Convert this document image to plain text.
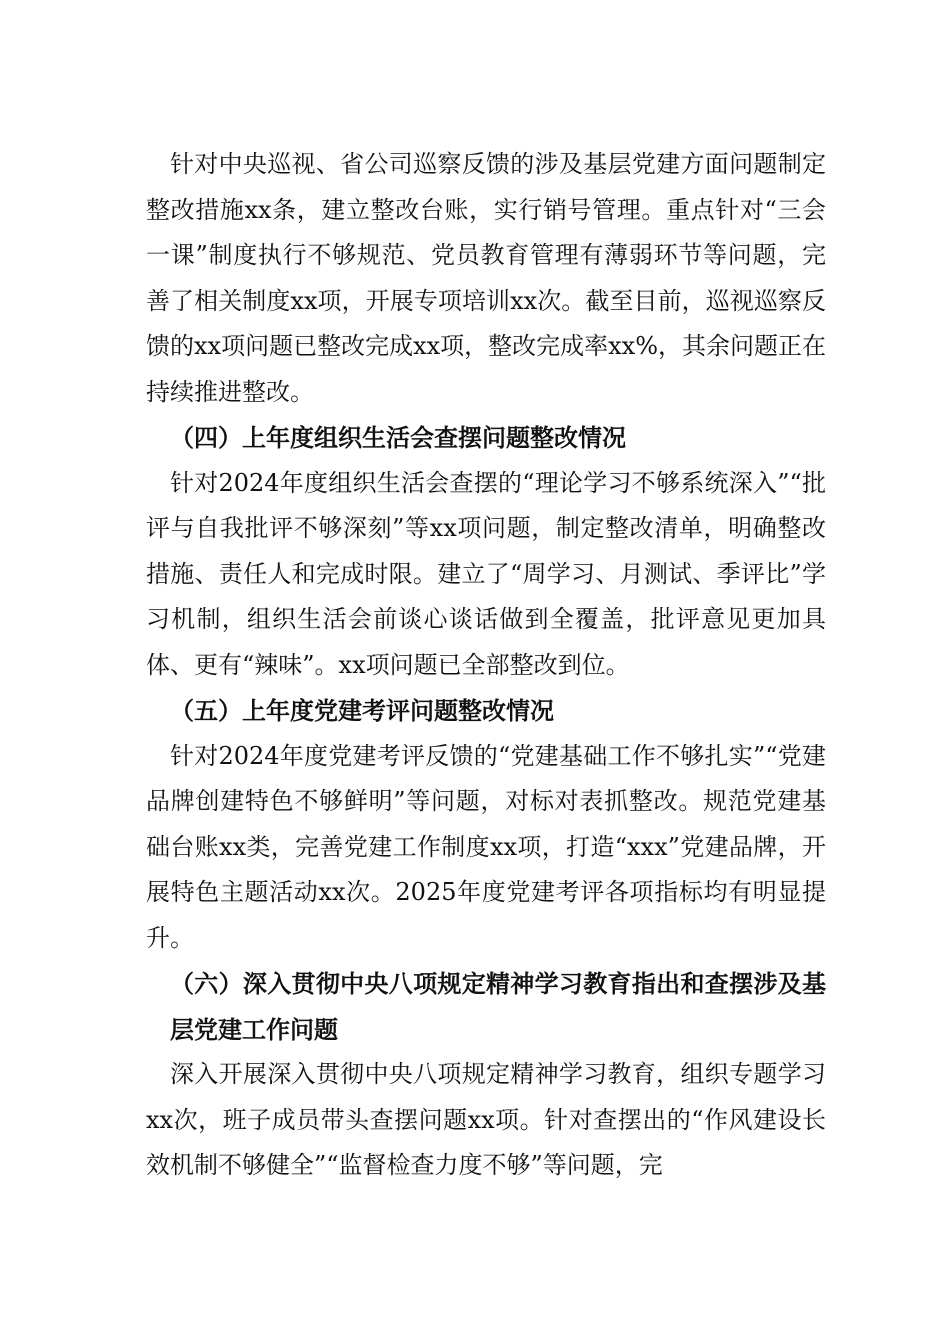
针对中央巡视、省公司巡察反馈的涉及基层党建方面问题制定整改措施xx条，建立整改台账，实行销号管理。重点针对“三会一课”制度执行不够规范、党员教育管理有薄弱环节等问题，完善了相关制度xx项，开展专项培训xx次。截至目前，巡视巡察反馈的xx项问题已整改完成xx项，整改完成率xx%，其余问题正在持续推进整改。

（四）上年度组织生活会查摆问题整改情况

针对2024年度组织生活会查摆的“理论学习不够系统深入”“批评与自我批评不够深刻”等xx项问题，制定整改清单，明确整改措施、责任人和完成时限。建立了“周学习、月测试、季评比”学习机制，组织生活会前谈心谈话做到全覆盖，批评意见更加具体、更有“辣味”。xx项问题已全部整改到位。

（五）上年度党建考评问题整改情况

针对2024年度党建考评反馈的“党建基础工作不够扎实”“党建品牌创建特色不够鲜明”等问题，对标对表抓整改。规范党建基础台账xx类，完善党建工作制度xx项，打造“xxx”党建品牌，开展特色主题活动xx次。2025年度党建考评各项指标均有明显提升。

（六）深入贯彻中央八项规定精神学习教育指出和查摆涉及基层党建工作问题

深入开展深入贯彻中央八项规定精神学习教育，组织专题学习xx次，班子成员带头查摆问题xx项。针对查摆出的“作风建设长效机制不够健全”“监督检查力度不够”等问题，完
